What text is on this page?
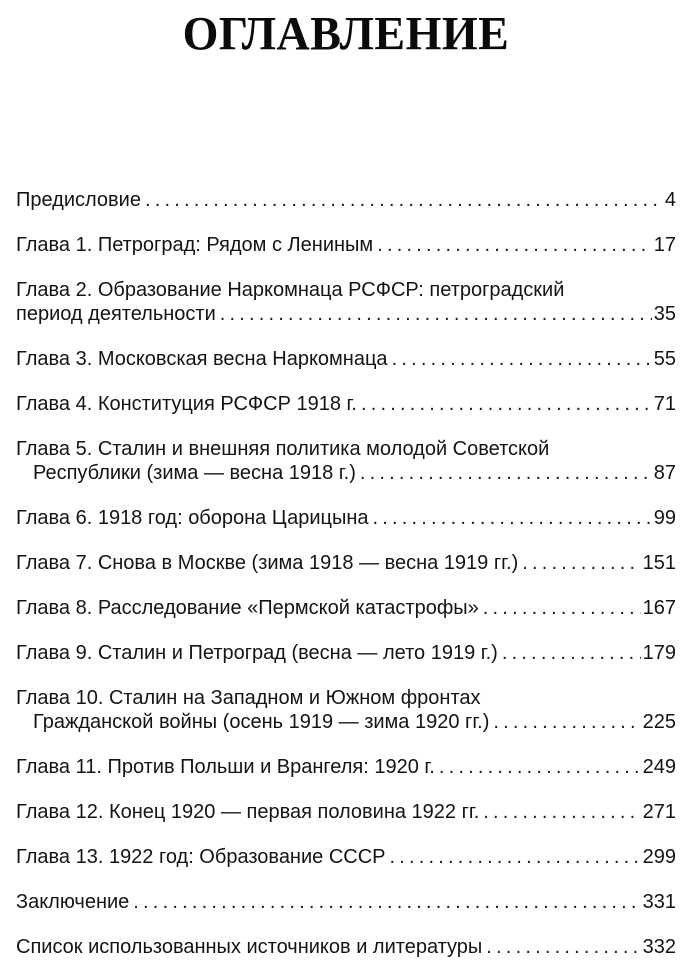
ОГЛАВЛЕНИЕ
Предисловие .....	4
Глава 1. Петроград: Рядом с Лениным .....	17
Глава 2. Образование Наркомнаца РСФСР: петроградский
период деятельности .....	35
Глава 3. Московская весна Наркомнаца .....	55
Глава 4. Конституция РСФСР 1918 г. .....	71
Глава 5. Сталин и внешняя политика молодой Советской
Республики (зима — весна 1918 г.) .....	87
Глава 6. 1918 год: оборона Царицына .....	99
Глава 7. Снова в Москве (зима 1918 — весна 1919 гг.) .....	151
Глава 8. Расследование «Пермской катастрофы» .....	167
Глава 9. Сталин и Петроград (весна — лето 1919 г.) .....	179
Глава 10. Сталин на Западном и Южном фронтах
Гражданской войны (осень 1919 — зима 1920 гг.) .....	225
Глава 11. Против Польши и Врангеля: 1920 г. .....	249
Глава 12. Конец 1920 — первая половина 1922 гг. .....	271
Глава 13. 1922 год: Образование СССР .....	299
Заключение .....	331
Список использованных источников и литературы .....	332
